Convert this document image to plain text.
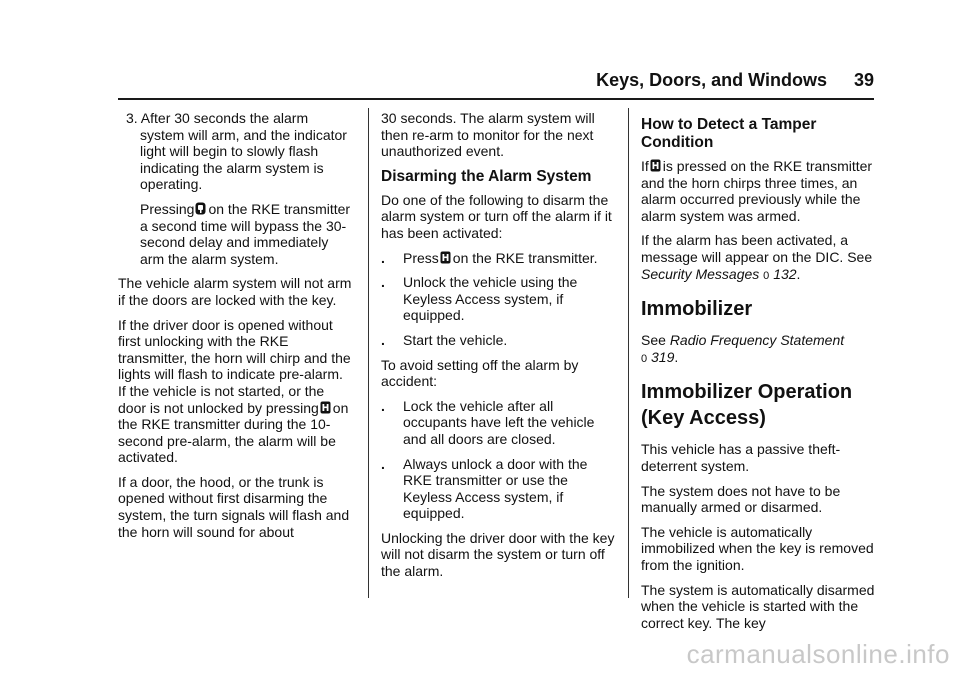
Keys, Doors, and Windows 39
3. After 30 seconds the alarm system will arm, and the indicator light will begin to slowly flash indicating the alarm system is operating.
Pressing on the RKE transmitter a second time will bypass the 30-second delay and immediately arm the alarm system.

The vehicle alarm system will not arm if the doors are locked with the key.

If the driver door is opened without first unlocking with the RKE transmitter, the horn will chirp and the lights will flash to indicate pre-alarm. If the vehicle is not started, or the door is not unlocked by pressing on the RKE transmitter during the 10-second pre-alarm, the alarm will be activated.

If a door, the hood, or the trunk is opened without first disarming the system, the turn signals will flash and the horn will sound for about

30 seconds. The alarm system will then re-arm to monitor for the next unauthorized event.

Disarming the Alarm System

Do one of the following to disarm the alarm system or turn off the alarm if it has been activated:

. Press on the RKE transmitter.
. Unlock the vehicle using the Keyless Access system, if equipped.
. Start the vehicle.

To avoid setting off the alarm by accident:

. Lock the vehicle after all occupants have left the vehicle and all doors are closed.
. Always unlock a door with the RKE transmitter or use the Keyless Access system, if equipped.

Unlocking the driver door with the key will not disarm the system or turn off the alarm.

How to Detect a Tamper Condition

If is pressed on the RKE transmitter and the horn chirps three times, an alarm occurred previously while the alarm system was armed.

If the alarm has been activated, a message will appear on the DIC. See Security Messages 0 132.

Immobilizer

See Radio Frequency Statement
0 319.

Immobilizer Operation (Key Access)

This vehicle has a passive theft-deterrent system.

The system does not have to be manually armed or disarmed.

The vehicle is automatically immobilized when the key is removed from the ignition.

The system is automatically disarmed when the vehicle is started with the correct key. The key

carmanualsonline.info
